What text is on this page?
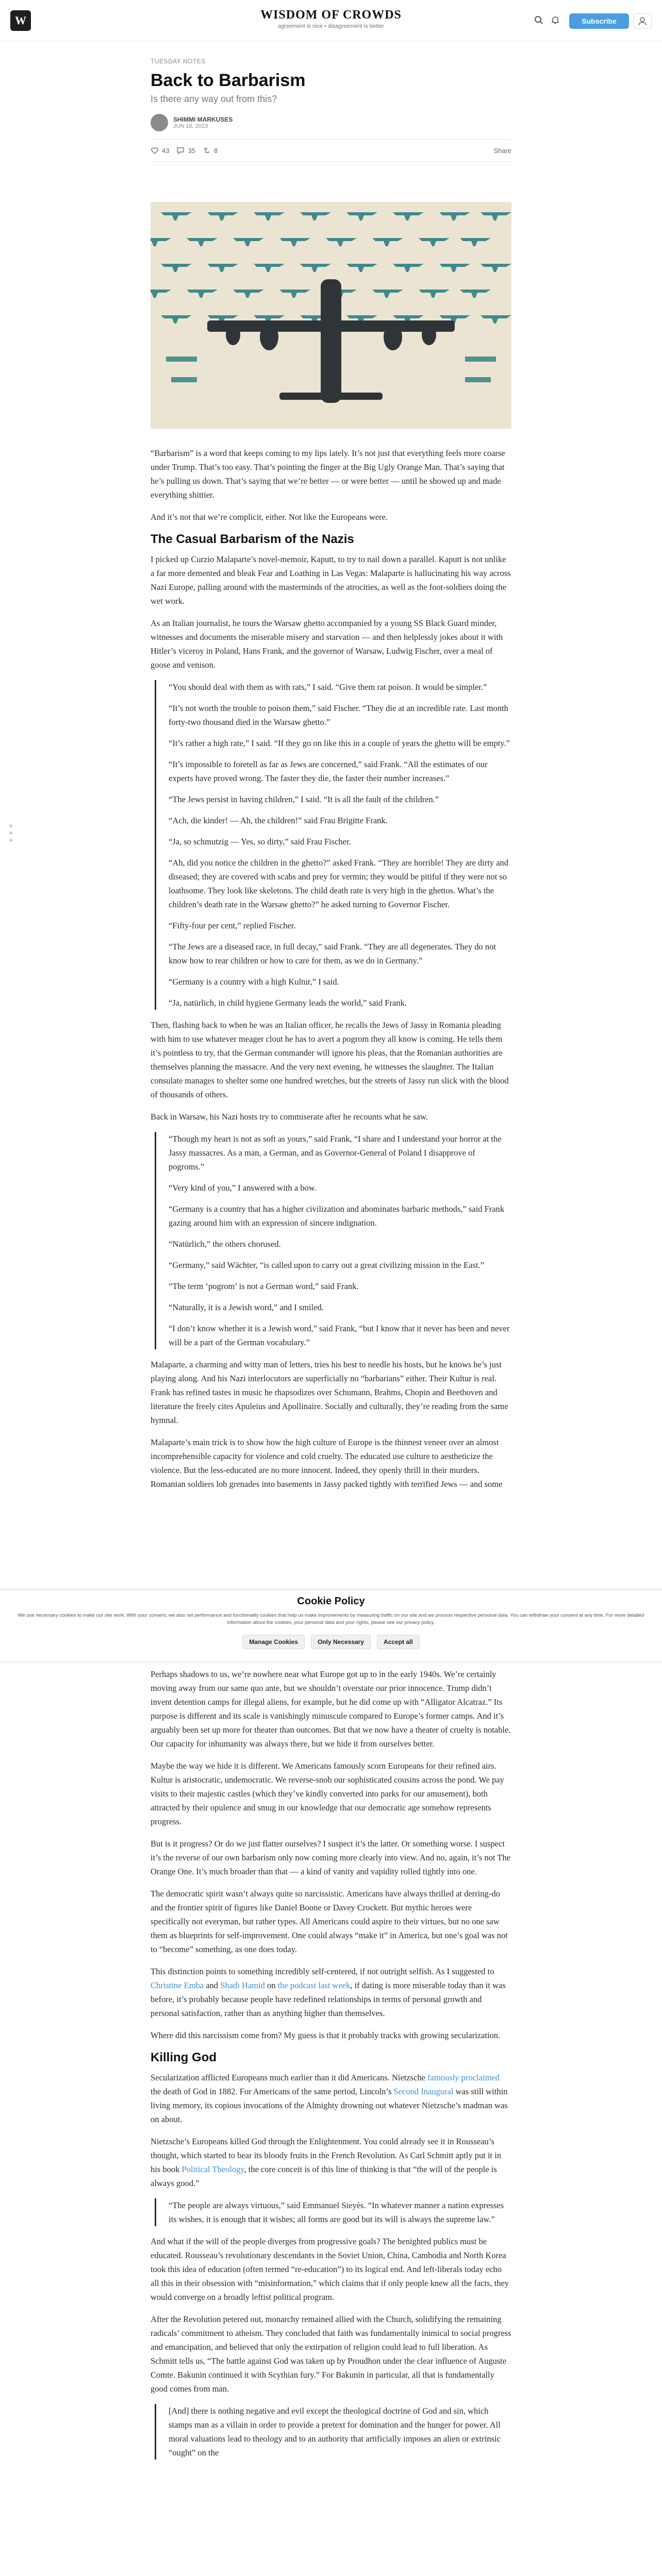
W	WISDOM OF CROWDS
agreement is nice • disagreement is better
Subscribe
TUESDAY NOTES
Back to Barbarism
Is there any way out from this?
SHIMMI MARKUSES
JUN 18, 2023
43	35	8	Share

“Barbarism” is a word that keeps coming to my lips lately. It’s not just that everything feels more coarse under Trump. That’s too easy. That’s pointing the finger at the Big Ugly Orange Man. That’s saying that he’s pulling us down. That’s saying that we’re better — or were better — until he showed up and made everything shittier.

And it’s not that we’re complicit, either. Not like the Europeans were.

The Casual Barbarism of the Nazis

I picked up Curzio Malaparte’s novel-memoir, Kaputt, to try to nail down a parallel. Kaputt is not unlike a far more demented and bleak Fear and Loathing in Las Vegas: Malaparte is hallucinating his way across Nazi Europe, palling around with the masterminds of the atrocities, as well as the foot-soldiers doing the wet work.

As an Italian journalist, he tours the Warsaw ghetto accompanied by a young SS Black Guard minder, witnesses and documents the miserable misery and starvation — and then helplessly jokes about it with Hitler’s viceroy in Poland, Hans Frank, and the governor of Warsaw, Ludwig Fischer, over a meal of goose and venison.

“You should deal with them as with rats,” I said. “Give them rat poison. It would be simpler.”

“It’s not worth the trouble to poison them,” said Fischer. “They die at an incredible rate. Last month forty-two thousand died in the Warsaw ghetto.”

“It’s rather a high rate,” I said. “If they go on like this in a couple of years the ghetto will be empty.”

“It’s impossible to foretell as far as Jews are concerned,” said Frank. “All the estimates of our experts have proved wrong. The faster they die, the faster their number increases.”

“The Jews persist in having children,” I said. “It is all the fault of the children.”

“Ach, die kinder! — Ah, the children!” said Frau Brigitte Frank.

“Ja, so schmutzig — Yes, so dirty,” said Frau Fischer.

“Ah, did you notice the children in the ghetto?” asked Frank. “They are horrible! They are dirty and diseased; they are covered with scabs and prey for vermin; they would be pitiful if they were not so loathsome. They look like skeletons. The child death rate is very high in the ghettos. What’s the children’s death rate in the Warsaw ghetto?” he asked turning to Governor Fischer.

“Fifty-four per cent,” replied Fischer.

“The Jews are a diseased race, in full decay,” said Frank. “They are all degenerates. They do not know how to rear children or how to care for them, as we do in Germany.”

“Germany is a country with a high Kultur,” I said.

“Ja, natürlich, in child hygiene Germany leads the world,” said Frank.

Then, flashing back to when he was an Italian officer, he recalls the Jews of Jassy in Romania pleading with him to use whatever meager clout he has to avert a pogrom they all know is coming. He tells them it’s pointless to try, that the German commander will ignore his pleas, that the Romanian authorities are themselves planning the massacre. And the very next evening, he witnesses the slaughter. The Italian consulate manages to shelter some one hundred wretches, but the streets of Jassy run slick with the blood of thousands of others.

Back in Warsaw, his Nazi hosts try to commiserate after he recounts what he saw.

“Though my heart is not as soft as yours,” said Frank, “I share and I understand your horror at the Jassy massacres. As a man, a German, and as Governor-General of Poland I disapprove of pogroms.”

“Very kind of you,” I answered with a bow.

“Germany is a country that has a higher civilization and abominates barbaric methods,” said Frank gazing around him with an expression of sincere indignation.

“Natürlich,” the others chorused.

“Germany,” said Wächter, “is called upon to carry out a great civilizing mission in the East.”

“The term ‘pogrom’ is not a German word,” said Frank.

“Naturally, it is a Jewish word,” and I smiled.

“I don’t know whether it is a Jewish word,” said Frank, “but I know that it never has been and never will be a part of the German vocabulary.”

Malaparte, a charming and witty man of letters, tries his best to needle his hosts, but he knows he’s just playing along. And his Nazi interlocutors are superficially no “barbarians” either. Their Kultur is real. Frank has refined tastes in music he rhapsodizes over Schumann, Brahms, Chopin and Beethoven and literature the freely cites Apuleius and Apollinaire. Socially and culturally, they’re reading from the same hymnal.

Malaparte’s main trick is to show how the high culture of Europe is the thinnest veneer over an almost incomprehensible capacity for violence and cold cruelty. The educated use culture to aestheticize the violence. But the less-educated are no more innocent. Indeed, they openly thrill in their murders. Romanian soldiers lob grenades into basements in Jassy packed tightly with terrified Jews — and some

Cookie Policy
We use necessary cookies to make our site work. With your consent, we also set performance and functionality cookies that help us make improvements by measuring traffic on our site and we process respective personal data. You can withdraw your consent at any time. For more detailed information about the cookies, your personal data and your rights, please see our privacy policy.
Manage Cookies	Only Necessary	Accept all

Perhaps shadows to us, we’re nowhere near what Europe got up to in the early 1940s. We’re certainly moving away from our same quo ante, but we shouldn’t overstate our prior innocence. Trump didn’t invent detention camps for illegal aliens, for example, but he did come up with “Alligator Alcatraz.” Its purpose is different and its scale is vanishingly minuscule compared to Europe’s former camps. And it’s arguably been set up more for theater than outcomes. But that we now have a theater of cruelty is notable. Our capacity for inhumanity was always there, but we hide it from ourselves better.

Maybe the way we hide it is different. We Americans famously scorn Europeans for their refined airs. Kultur is aristocratic, undemocratic. We reverse-snob our sophisticated cousins across the pond. We pay visits to their majestic castles (which they’ve kindly converted into parks for our amusement), both attracted by their opulence and smug in our knowledge that our democratic age somehow represents progress.

But is it progress? Or do we just flatter ourselves? I suspect it’s the latter. Or something worse. I suspect it’s the reverse of our own barbarism only now coming more clearly into view. And no, again, it’s not The Orange One. It’s much broader than that — a kind of vanity and vapidity rolled tightly into one.

The democratic spirit wasn’t always quite so narcissistic. Americans have always thrilled at derring-do and the frontier spirit of figures like Daniel Boone or Davey Crockett. But mythic heroes were specifically not everyman, but rather types. All Americans could aspire to their virtues, but no one saw them as blueprints for self-improvement. One could always “make it” in America, but one’s goal was not to “become” something, as one does today.

This distinction points to something incredibly self-centered, if not outright selfish. As I suggested to Christine Emba and Shadi Hamid on the podcast last week, if dating is more miserable today than it was before, it’s probably because people have redefined relationships in terms of personal growth and personal satisfaction, rather than as anything higher than themselves.

Where did this narcissism come from? My guess is that it probably tracks with growing secularization.

Killing God

Secularization afflicted Europeans much earlier than it did Americans. Nietzsche famously proclaimed the death of God in 1882. For Americans of the same period, Lincoln’s Second Inaugural was still within living memory, its copious invocations of the Almighty drowning out whatever Nietzsche’s madman was on about.

Nietzsche’s Europeans killed God through the Enlightenment. You could already see it in Rousseau’s thought, which started to bear its bloody fruits in the French Revolution. As Carl Schmitt aptly put it in his book Political Theology, the core conceit is of this line of thinking is that “the will of the people is always good.”

“The people are always virtuous,” said Emmanuel Sieyès. “In whatever manner a nation expresses its wishes, it is enough that it wishes; all forms are good but its will is always the supreme law.”

And what if the will of the people diverges from progressive goals? The benighted publics must be educated. Rousseau’s revolutionary descendants in the Soviet Union, China, Cambodia and North Korea took this idea of education (often termed “re-education”) to its logical end. And left-liberals today echo all this in their obsession with “misinformation,” which claims that if only people knew all the facts, they would converge on a broadly leftist political program.

After the Revolution petered out, monarchy remained allied with the Church, solidifying the remaining radicals’ commitment to atheism. They concluded that faith was fundamentally inimical to social progress and emancipation, and believed that only the extirpation of religion could lead to full liberation. As Schmitt tells us, “The battle against God was taken up by Proudhon under the clear influence of Auguste Comte. Bakunin continued it with Scythian fury.” For Bakunin in particular, all that is fundamentally good comes from man.

[And] there is nothing negative and evil except the theological doctrine of God and sin, which stamps man as a villain in order to provide a pretext for domination and the hunger for power. All moral valuations lead to theology and to an authority that artificially imposes an alien or extrinsic “ought” on the
